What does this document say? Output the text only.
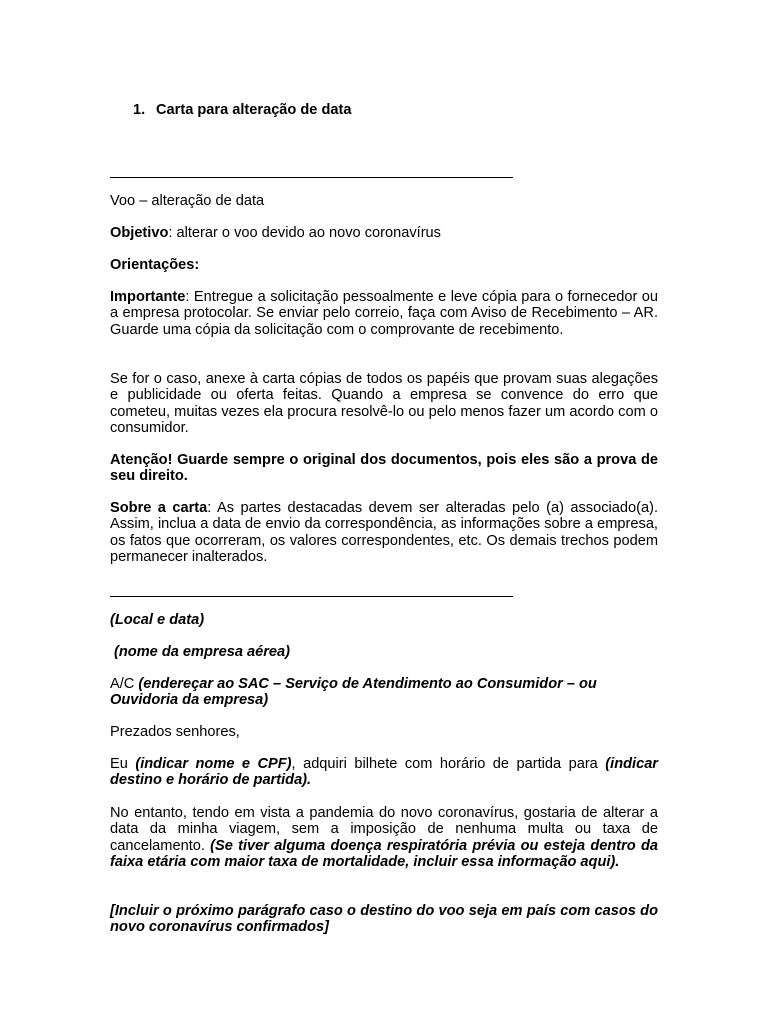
1. Carta para alteração de data

Voo – alteração de data

Objetivo: alterar o voo devido ao novo coronavírus

Orientações:

Importante: Entregue a solicitação pessoalmente e leve cópia para o fornecedor ou a empresa protocolar. Se enviar pelo correio, faça com Aviso de Recebimento – AR. Guarde uma cópia da solicitação com o comprovante de recebimento.

Se for o caso, anexe à carta cópias de todos os papéis que provam suas alegações e publicidade ou oferta feitas. Quando a empresa se convence do erro que cometeu, muitas vezes ela procura resolvê-lo ou pelo menos fazer um acordo com o consumidor.

Atenção! Guarde sempre o original dos documentos, pois eles são a prova de seu direito.

Sobre a carta: As partes destacadas devem ser alteradas pelo (a) associado(a). Assim, inclua a data de envio da correspondência, as informações sobre a empresa, os fatos que ocorreram, os valores correspondentes, etc. Os demais trechos podem permanecer inalterados.

(Local e data)

(nome da empresa aérea)

A/C (endereçar ao SAC – Serviço de Atendimento ao Consumidor – ou Ouvidoria da empresa)

Prezados senhores,

Eu (indicar nome e CPF), adquiri bilhete com horário de partida para (indicar destino e horário de partida).

No entanto, tendo em vista a pandemia do novo coronavírus, gostaria de alterar a data da minha viagem, sem a imposição de nenhuma multa ou taxa de cancelamento. (Se tiver alguma doença respiratória prévia ou esteja dentro da faixa etária com maior taxa de mortalidade, incluir essa informação aqui).

[Incluir o próximo parágrafo caso o destino do voo seja em país com casos do novo coronavírus confirmados]
